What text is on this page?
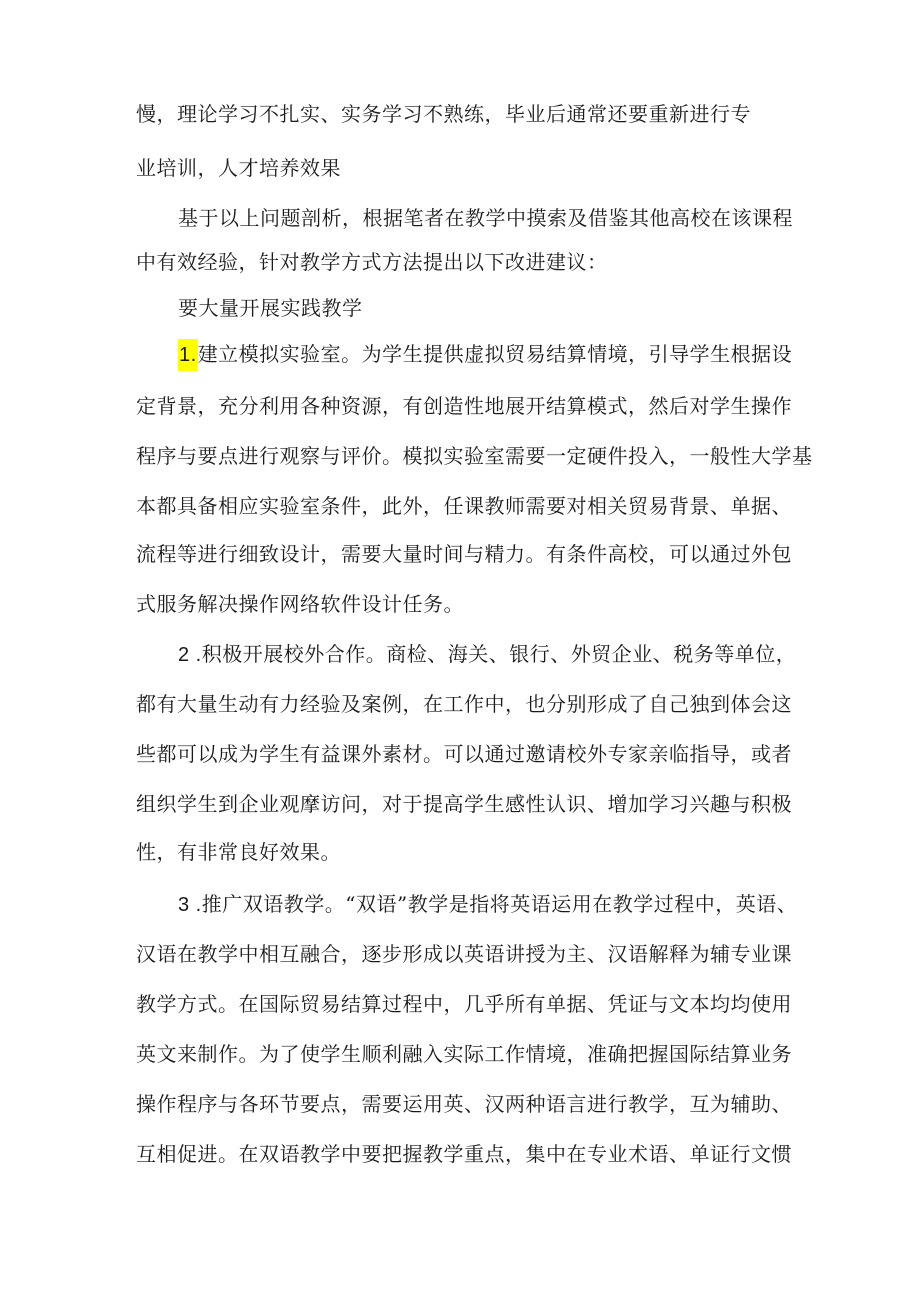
慢，理论学习不扎实、实务学习不熟练，毕业后通常还要重新进行专
业培训，人才培养效果
基于以上问题剖析，根据笔者在教学中摸索及借鉴其他高校在该课程
中有效经验，针对教学方式方法提出以下改进建议：
要大量开展实践教学
1.建立模拟实验室。为学生提供虚拟贸易结算情境，引导学生根据设
定背景，充分利用各种资源，有创造性地展开结算模式，然后对学生操作
程序与要点进行观察与评价。模拟实验室需要一定硬件投入，一般性大学基
本都具备相应实验室条件，此外，任课教师需要对相关贸易背景、单据、
流程等进行细致设计，需要大量时间与精力。有条件高校，可以通过外包
式服务解决操作网络软件设计任务。
2 .积极开展校外合作。商检、海关、银行、外贸企业、税务等单位，
都有大量生动有力经验及案例，在工作中，也分别形成了自己独到体会这
些都可以成为学生有益课外素材。可以通过邀请校外专家亲临指导，或者
组织学生到企业观摩访问，对于提高学生感性认识、增加学习兴趣与积极
性，有非常良好效果。
3 .推广双语教学。“双语”教学是指将英语运用在教学过程中，英语、
汉语在教学中相互融合，逐步形成以英语讲授为主、汉语解释为辅专业课
教学方式。在国际贸易结算过程中，几乎所有单据、凭证与文本均均使用
英文来制作。为了使学生顺利融入实际工作情境，准确把握国际结算业务
操作程序与各环节要点，需要运用英、汉两种语言进行教学，互为辅助、
互相促进。在双语教学中要把握教学重点，集中在专业术语、单证行文惯
